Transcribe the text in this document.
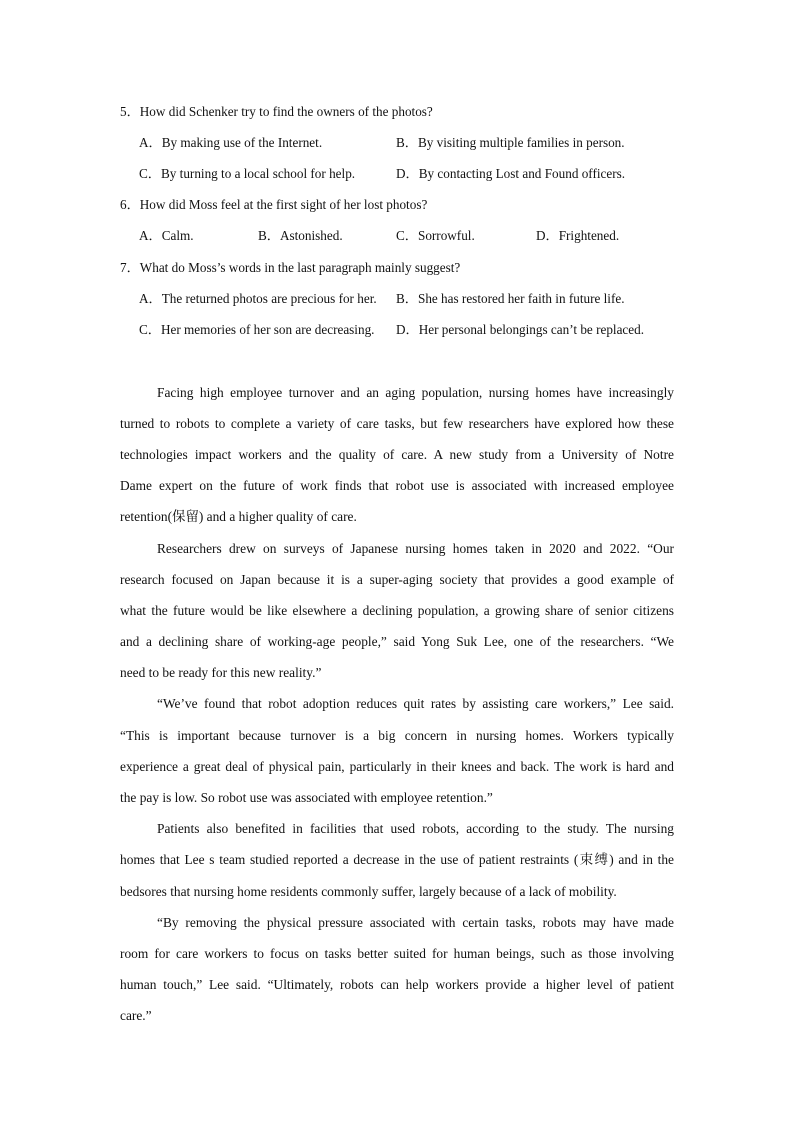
5．How did Schenker try to find the owners of the photos?
A．By making use of the Internet.	B．By visiting multiple families in person.
C．By turning to a local school for help.	D．By contacting Lost and Found officers.
6．How did Moss feel at the first sight of her lost photos?
A．Calm.	B．Astonished.	C．Sorrowful.	D．Frightened.
7．What do Moss’s words in the last paragraph mainly suggest?
A．The returned photos are precious for her. B．She has restored her faith in future life.
C．Her memories of her son are decreasing. D．Her personal belongings can’t be replaced.
Facing high employee turnover and an aging population, nursing homes have increasingly
turned to robots to complete a variety of care tasks, but few researchers have explored how these
technologies impact workers and the quality of care. A new study from a University of Notre
Dame expert on the future of work finds that robot use is associated with increased employee
retention(保留) and a higher quality of care.
Researchers drew on surveys of Japanese nursing homes taken in 2020 and 2022. “Our
research focused on Japan because it is a super-aging society that provides a good example of
what the future would be like elsewhere a declining population, a growing share of senior citizens
and a declining share of working-age people,” said Yong Suk Lee, one of the researchers. “We
need to be ready for this new reality.”
“We’ve found that robot adoption reduces quit rates by assisting care workers,” Lee said.
“This is important because turnover is a big concern in nursing homes. Workers typically
experience a great deal of physical pain, particularly in their knees and back. The work is hard and
the pay is low. So robot use was associated with employee retention.”
Patients also benefited in facilities that used robots, according to the study. The nursing
homes that Lee s team studied reported a decrease in the use of patient restraints (束缚) and in the
bedsores that nursing home residents commonly suffer, largely because of a lack of mobility.
“By removing the physical pressure associated with certain tasks, robots may have made
room for care workers to focus on tasks better suited for human beings, such as those involving
human touch,” Lee said. “Ultimately, robots can help workers provide a higher level of patient
care.”
